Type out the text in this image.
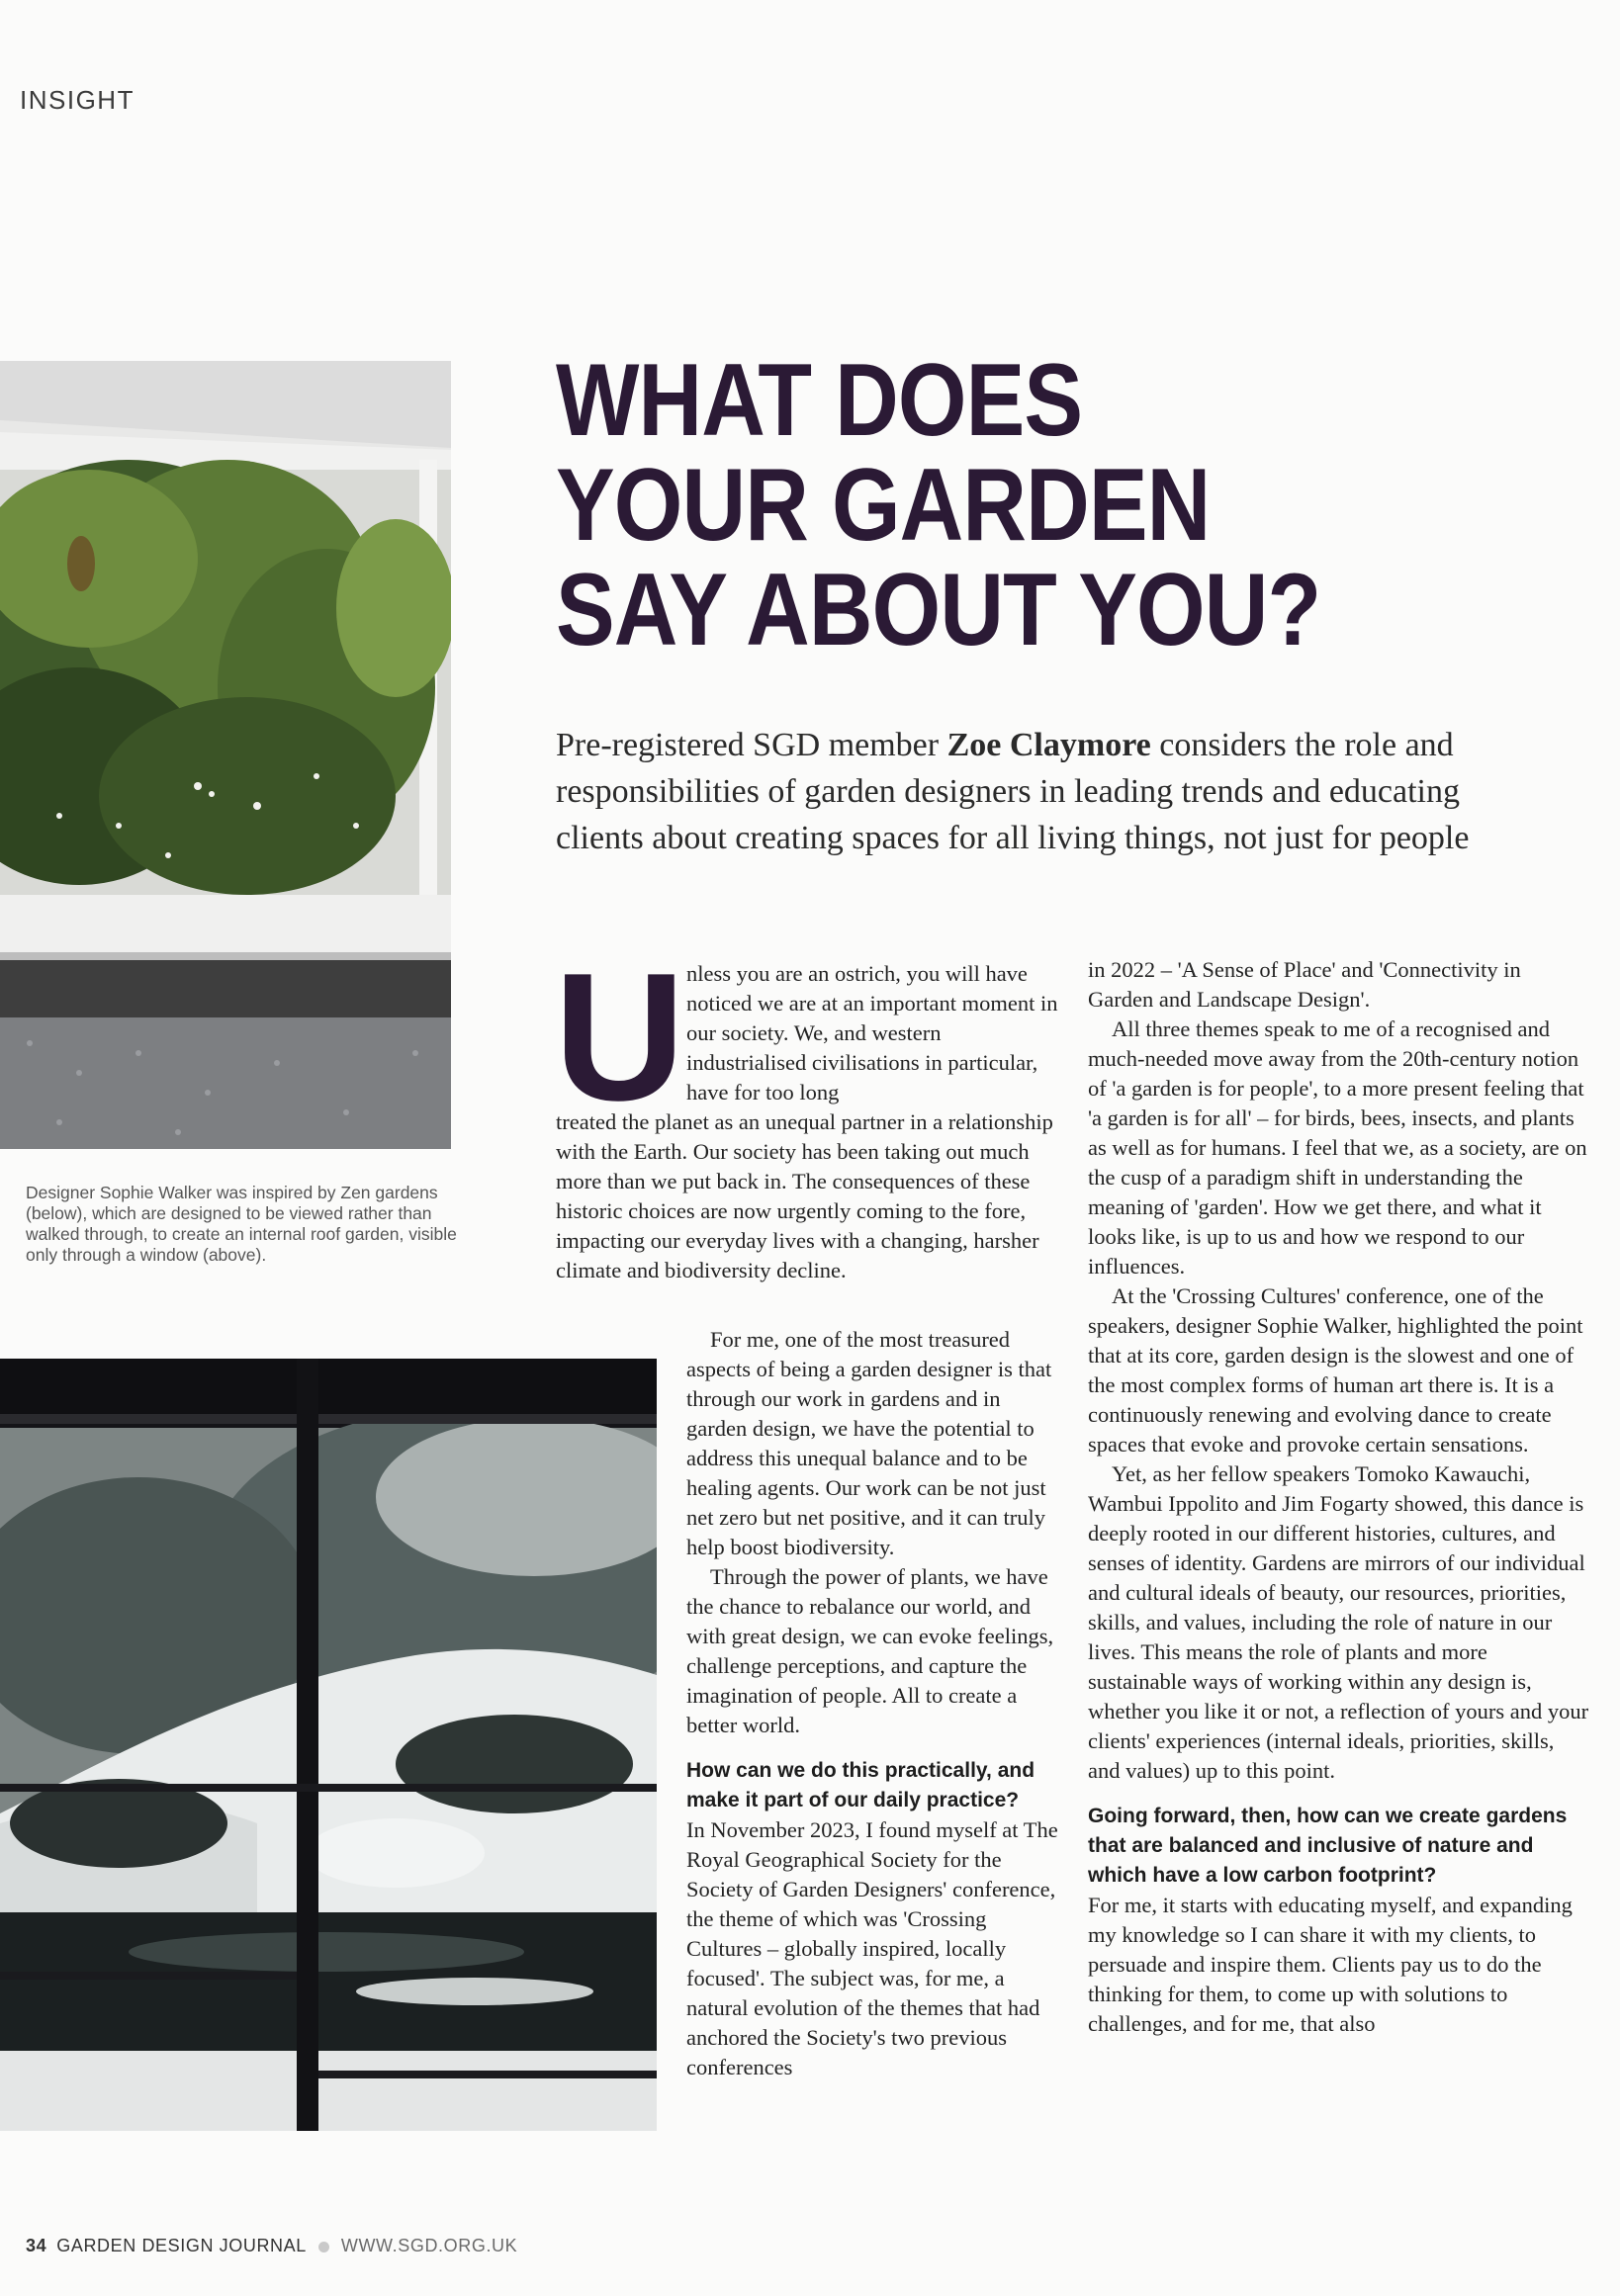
INSIGHT
WHAT DOES
YOUR GARDEN
SAY ABOUT YOU?
Pre-registered SGD member Zoe Claymore considers the role and responsibilities of garden designers in leading trends and educating clients about creating spaces for all living things, not just for people

Designer Sophie Walker was inspired by Zen gardens (below), which are designed to be viewed rather than walked through, to create an internal roof garden, visible only through a window (above).

U nless you are an ostrich, you will have noticed we are at an important moment in our society. We, and western industrialised civilisations in particular, have for too long

treated the planet as an unequal partner in a relationship with the Earth. Our society has been taking out much more than we put back in. The consequences of these historic choices are now urgently coming to the fore, impacting our everyday lives with a changing, harsher climate and biodiversity decline.

For me, one of the most treasured aspects of being a garden designer is that through our work in gardens and in garden design, we have the potential to address this unequal balance and to be healing agents. Our work can be not just net zero but net positive, and it can truly help boost biodiversity.

Through the power of plants, we have the chance to rebalance our world, and with great design, we can evoke feelings, challenge perceptions, and capture the imagination of people. All to create a better world.

How can we do this practically, and make it part of our daily practice?

In November 2023, I found myself at The Royal Geographical Society for the Society of Garden Designers' conference, the theme of which was 'Crossing Cultures – globally inspired, locally focused'. The subject was, for me, a natural evolution of the themes that had anchored the Society's two previous conferences

in 2022 – 'A Sense of Place' and 'Connectivity in Garden and Landscape Design'.

All three themes speak to me of a recognised and much-needed move away from the 20th-century notion of 'a garden is for people', to a more present feeling that 'a garden is for all' – for birds, bees, insects, and plants as well as for humans. I feel that we, as a society, are on the cusp of a paradigm shift in understanding the meaning of 'garden'. How we get there, and what it looks like, is up to us and how we respond to our influences.

At the 'Crossing Cultures' conference, one of the speakers, designer Sophie Walker, highlighted the point that at its core, garden design is the slowest and one of the most complex forms of human art there is. It is a continuously renewing and evolving dance to create spaces that evoke and provoke certain sensations.

Yet, as her fellow speakers Tomoko Kawauchi, Wambui Ippolito and Jim Fogarty showed, this dance is deeply rooted in our different histories, cultures, and senses of identity. Gardens are mirrors of our individual and cultural ideals of beauty, our resources, priorities, skills, and values, including the role of nature in our lives. This means the role of plants and more sustainable ways of working within any design is, whether you like it or not, a reflection of yours and your clients' experiences (internal ideals, priorities, skills, and values) up to this point.

Going forward, then, how can we create gardens that are balanced and inclusive of nature and which have a low carbon footprint?

For me, it starts with educating myself, and expanding my knowledge so I can share it with my clients, to persuade and inspire them. Clients pay us to do the thinking for them, to come up with solutions to challenges, and for me, that also

34 GARDEN DESIGN JOURNAL WWW.SGD.ORG.UK
